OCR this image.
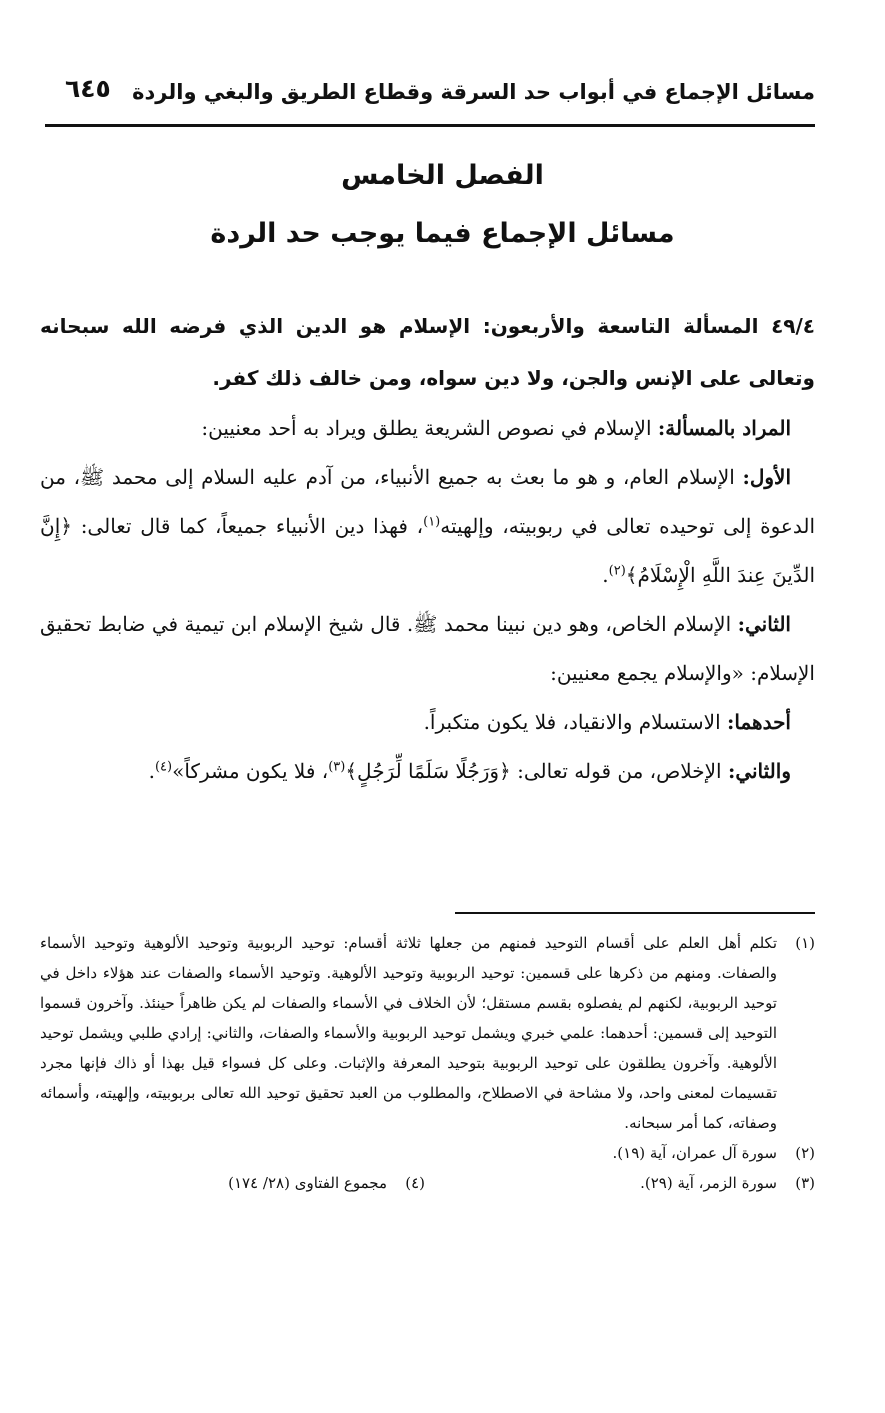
مسائل الإجماع في أبواب حد السرقة وقطاع الطريق والبغي والردة
٦٤٥
الفصل الخامس
مسائل الإجماع فيما يوجب حد الردة

٤٩/٤ المسألة التاسعة والأربعون: الإسلام هو الدين الذي فرضه الله سبحانه وتعالى على الإنس والجن، ولا دين سواه، ومن خالف ذلك كفر.

المراد بالمسألة: الإسلام في نصوص الشريعة يطلق ويراد به أحد معنيين:

الأول: الإسلام العام، و هو ما بعث به جميع الأنبياء، من آدم عليه السلام إلى محمد ﷺ، من الدعوة إلى توحيده تعالى في ربوبيته، وإلهيته$^{(١)}$، فهذا دين الأنبياء جميعاً، كما قال تعالى: ﴿إِنَّ الدِّينَ عِندَ اللَّهِ الْإِسْلَامُ﴾$^{(٢)}$.

الثاني: الإسلام الخاص، وهو دين نبينا محمد ﷺ. قال شيخ الإسلام ابن تيمية في ضابط تحقيق الإسلام: «والإسلام يجمع معنيين:

أحدهما: الاستسلام والانقياد، فلا يكون متكبراً.

والثاني: الإخلاص، من قوله تعالى: ﴿وَرَجُلًا سَلَمًا لِّرَجُلٍ﴾$^{(٣)}$، فلا يكون مشركاً»$^{(٤)}$.

(١)
تكلم أهل العلم على أقسام التوحيد فمنهم من جعلها ثلاثة أقسام: توحيد الربوبية وتوحيد الألوهية وتوحيد الأسماء والصفات. ومنهم من ذكرها على قسمين: توحيد الربوبية وتوحيد الألوهية. وتوحيد الأسماء والصفات عند هؤلاء داخل في توحيد الربوبية، لكنهم لم يفصلوه بقسم مستقل؛ لأن الخلاف في الأسماء والصفات لم يكن ظاهراً حينئذ. وآخرون قسموا التوحيد إلى قسمين: أحدهما: علمي خبري ويشمل توحيد الربوبية والأسماء والصفات، والثاني: إرادي طلبي ويشمل توحيد الألوهية. وآخرون يطلقون على توحيد الربوبية بتوحيد المعرفة والإثبات. وعلى كل فسواء قيل بهذا أو ذاك فإنها مجرد تقسيمات لمعنى واحد، ولا مشاحة في الاصطلاح، والمطلوب من العبد تحقيق توحيد الله تعالى بربوبيته، وإلهيته، وأسمائه وصفاته، كما أمر سبحانه.
(٢)
سورة آل عمران، آية (١٩).
(٣)
سورة الزمر، آية (٢٩).
(٤)
مجموع الفتاوى (٢٨/ ١٧٤)
